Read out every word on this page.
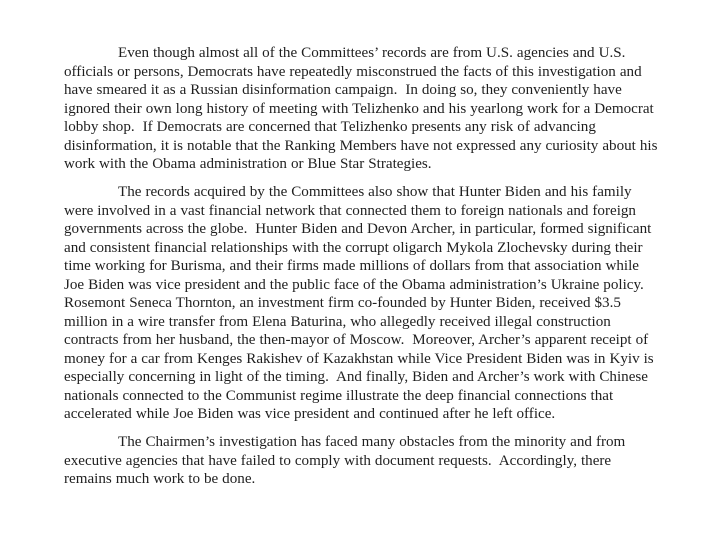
Even though almost all of the Committees’ records are from U.S. agencies and U.S. officials or persons, Democrats have repeatedly misconstrued the facts of this investigation and have smeared it as a Russian disinformation campaign.  In doing so, they conveniently have ignored their own long history of meeting with Telizhenko and his yearlong work for a Democrat lobby shop.  If Democrats are concerned that Telizhenko presents any risk of advancing disinformation, it is notable that the Ranking Members have not expressed any curiosity about his work with the Obama administration or Blue Star Strategies.

The records acquired by the Committees also show that Hunter Biden and his family were involved in a vast financial network that connected them to foreign nationals and foreign governments across the globe.  Hunter Biden and Devon Archer, in particular, formed significant and consistent financial relationships with the corrupt oligarch Mykola Zlochevsky during their time working for Burisma, and their firms made millions of dollars from that association while Joe Biden was vice president and the public face of the Obama administration’s Ukraine policy.  Rosemont Seneca Thornton, an investment firm co-founded by Hunter Biden, received $3.5 million in a wire transfer from Elena Baturina, who allegedly received illegal construction contracts from her husband, the then-mayor of Moscow.  Moreover, Archer’s apparent receipt of money for a car from Kenges Rakishev of Kazakhstan while Vice President Biden was in Kyiv is especially concerning in light of the timing.  And finally, Biden and Archer’s work with Chinese nationals connected to the Communist regime illustrate the deep financial connections that accelerated while Joe Biden was vice president and continued after he left office.

The Chairmen’s investigation has faced many obstacles from the minority and from executive agencies that have failed to comply with document requests.  Accordingly, there remains much work to be done.
